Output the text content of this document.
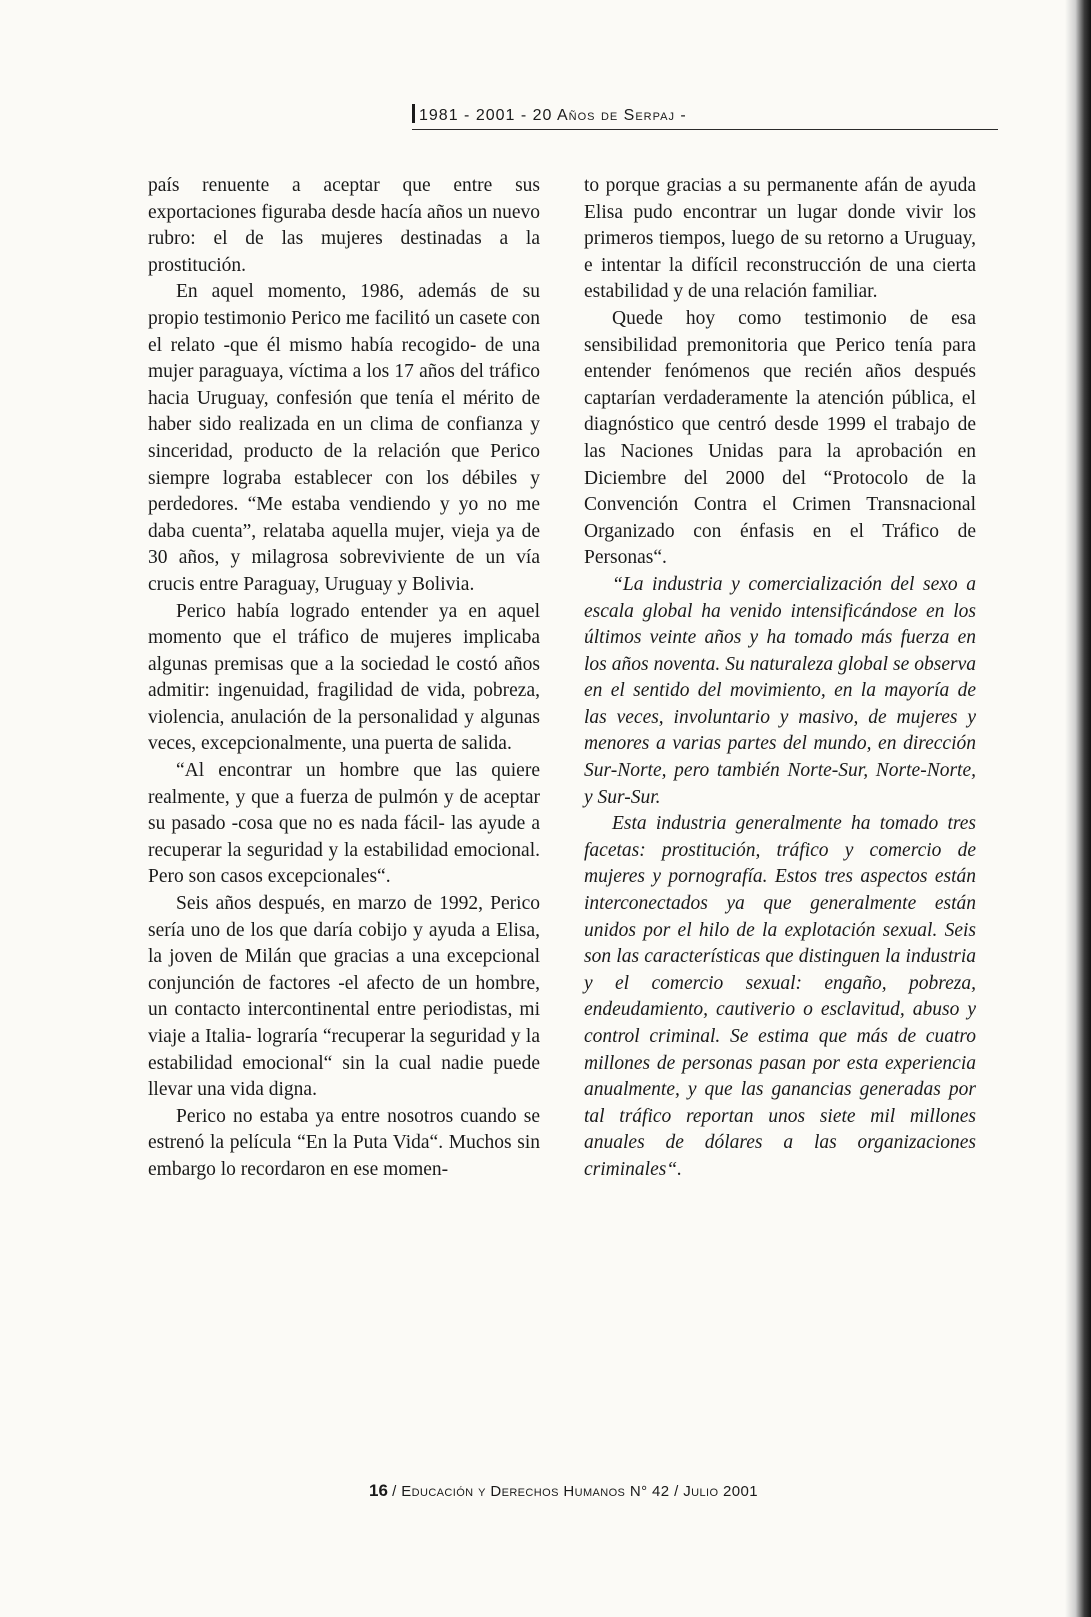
1981 - 2001 - 20 Años de Serpaj -

país renuente a aceptar que entre sus exportaciones figuraba desde hacía años un nuevo rubro: el de las mujeres destinadas a la prostitución.

En aquel momento, 1986, además de su propio testimonio Perico me facilitó un casete con el relato -que él mismo había recogido- de una mujer paraguaya, víctima a los 17 años del tráfico hacia Uruguay, confesión que tenía el mérito de haber sido realizada en un clima de confianza y sinceridad, producto de la relación que Perico siempre lograba establecer con los débiles y perdedores. “Me estaba vendiendo y yo no me daba cuenta”, relataba aquella mujer, vieja ya de 30 años, y milagrosa sobreviviente de un vía crucis entre Paraguay, Uruguay y Bolivia.

Perico había logrado entender ya en aquel momento que el tráfico de mujeres implicaba algunas premisas que a la sociedad le costó años admitir: ingenuidad, fragilidad de vida, pobreza, violencia, anulación de la personalidad y algunas veces, excepcionalmente, una puerta de salida.

“Al encontrar un hombre que las quiere realmente, y que a fuerza de pulmón y de aceptar su pasado -cosa que no es nada fácil- las ayude a recuperar la seguridad y la estabilidad emocional. Pero son casos excepcionales“.

Seis años después, en marzo de 1992, Perico sería uno de los que daría cobijo y ayuda a Elisa, la joven de Milán que gracias a una excepcional conjunción de factores -el afecto de un hombre, un contacto intercontinental entre periodistas, mi viaje a Italia- lograría “recuperar la seguridad y la estabilidad emocional“ sin la cual nadie puede llevar una vida digna.

Perico no estaba ya entre nosotros cuando se estrenó la película “En la Puta Vida“. Muchos sin embargo lo recordaron en ese momen-

to porque gracias a su permanente afán de ayuda Elisa pudo encontrar un lugar donde vivir los primeros tiempos, luego de su retorno a Uruguay, e intentar la difícil reconstrucción de una cierta estabilidad y de una relación familiar.

Quede hoy como testimonio de esa sensibilidad premonitoria que Perico tenía para entender fenómenos que recién años después captarían verdaderamente la atención pública, el diagnóstico que centró desde 1999 el trabajo de las Naciones Unidas para la aprobación en Diciembre del 2000 del “Protocolo de la Convención Contra el Crimen Transnacional Organizado con énfasis en el Tráfico de Personas“.

“La industria y comercialización del sexo a escala global ha venido intensificándose en los últimos veinte años y ha tomado más fuerza en los años noventa. Su naturaleza global se observa en el sentido del movimiento, en la mayoría de las veces, involuntario y masivo, de mujeres y menores a varias partes del mundo, en dirección Sur-Norte, pero también Norte-Sur, Norte-Norte, y Sur-Sur.

Esta industria generalmente ha tomado tres facetas: prostitución, tráfico y comercio de mujeres y pornografía. Estos tres aspectos están interconectados ya que generalmente están unidos por el hilo de la explotación sexual. Seis son las características que distinguen la industria y el comercio sexual: engaño, pobreza, endeudamiento, cautiverio o esclavitud, abuso y control criminal. Se estima que más de cuatro millones de personas pasan por esta experiencia anualmente, y que las ganancias generadas por tal tráfico reportan unos siete mil millones anuales de dólares a las organizaciones criminales“.

16 / Educación y Derechos Humanos N° 42 / Julio 2001
